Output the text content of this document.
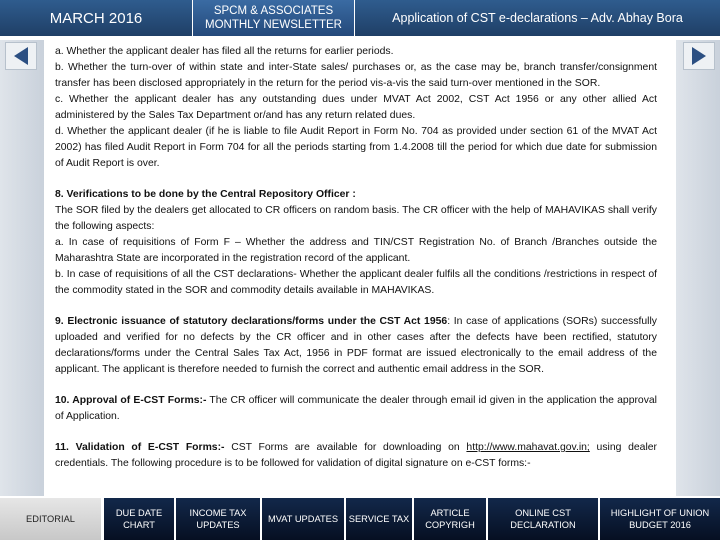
MARCH 2016	SPCM & ASSOCIATES
MONTHLY NEWSLETTER	Application of CST e-declarations – Adv. Abhay Bora

a. Whether the applicant dealer has filed all the returns for earlier periods.

b. Whether the turn-over of within state and inter-State sales/ purchases or, as the case may be, branch transfer/consignment transfer has been disclosed appropriately in the return for the period vis-a-vis the said turn-over mentioned in the SOR.

c. Whether the applicant dealer has any outstanding dues under MVAT Act 2002, CST Act 1956 or any other allied Act administered by the Sales Tax Department or/and has any return related dues.

d. Whether the applicant dealer (if he is liable to file Audit Report in Form No. 704 as provided under section 61 of the MVAT Act 2002) has filed Audit Report in Form 704 for all the periods starting from 1.4.2008 till the period for which due date for submission of Audit Report is over.

8. Verifications to be done by the Central Repository Officer :

The SOR filed by the dealers get allocated to CR officers on random basis. The CR officer with the help of MAHAVIKAS shall verify the following aspects:

a. In case of requisitions of Form F – Whether the address and TIN/CST Registration No. of Branch /Branches outside the Maharashtra State are incorporated in the registration record of the applicant.

b. In case of requisitions of all the CST declarations- Whether the applicant dealer fulfils all the conditions /restrictions in respect of the commodity stated in the SOR and commodity details available in MAHAVIKAS.

9. Electronic issuance of statutory declarations/forms under the CST Act 1956: In case of applications (SORs) successfully uploaded and verified for no defects by the CR officer and in other cases after the defects have been rectified, statutory declarations/forms under the Central Sales Tax Act, 1956 in PDF format are issued electronically to the email address of the applicant. The applicant is therefore needed to furnish the correct and authentic email address in the SOR.

10. Approval of E-CST Forms:- The CR officer will communicate the dealer through email id given in the application the approval of Application.

11. Validation of E-CST Forms:- CST Forms are available for downloading on http://www.mahavat.gov.in; using dealer credentials. The following procedure is to be followed for validation of digital signature on e-CST forms:-

EDITORIAL
DUE DATE CHART
INCOME TAX UPDATES
MVAT UPDATES	SERVICE TAX
ARTICLE COPYRIGH
ONLINE CST DECLARATION
HIGHLIGHT OF UNION BUDGET 2016
